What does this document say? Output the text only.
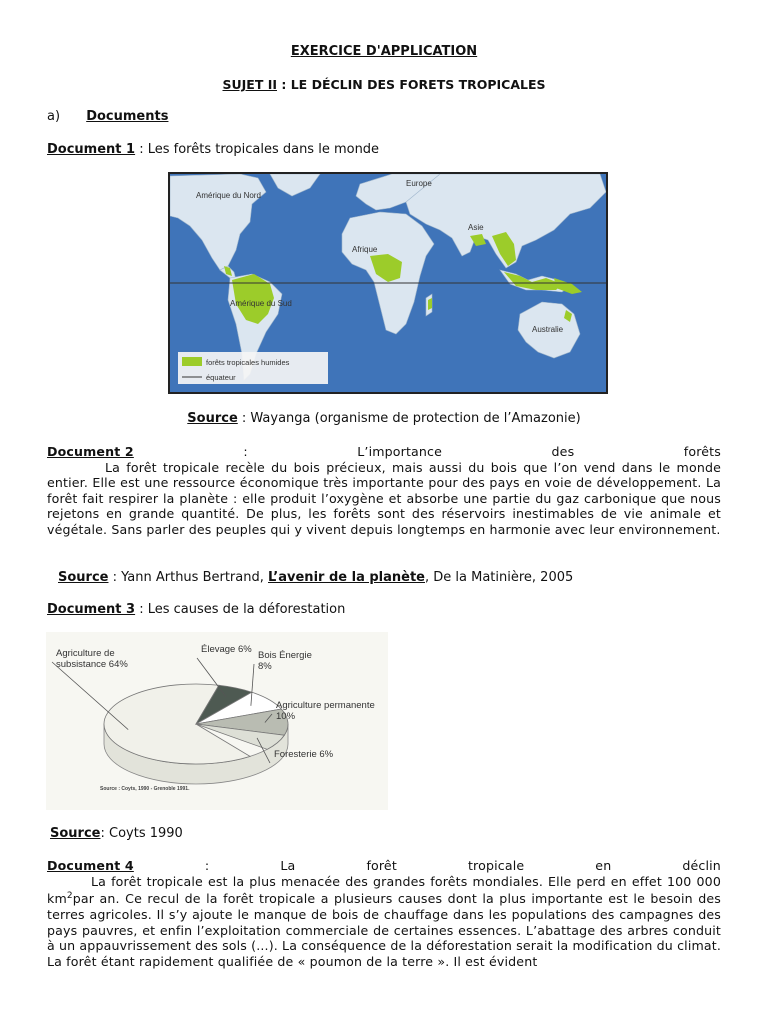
EXERCICE D'APPLICATION
SUJET II : LE DÉCLIN DES FORETS TROPICALES
a) Documents
Document 1 : Les forêts tropicales dans le monde
Amérique du Nord
Europe
Asie
Afrique
Amérique du Sud
Australie
forêts tropicales humides
équateur
Source : Wayanga (organisme de protection de l’Amazonie)
Document 2	:	L’importance	des	forêts

La forêt tropicale recèle du bois précieux, mais aussi du bois que l’on vend dans le monde entier. Elle est une ressource économique très importante pour des pays en voie de développement. La forêt fait respirer la planète : elle produit l’oxygène et absorbe une partie du gaz carbonique que nous rejetons en grande quantité. De plus, les forêts sont des réservoirs inestimables de vie animale et végétale. Sans parler des peuples qui y vivent depuis longtemps en harmonie avec leur environnement.

Source : Yann Arthus Bertrand, L’avenir de la planète, De la Matinière, 2005
Document 3 : Les causes de la déforestation
Agriculture de subsistance 64%
Élevage 6%
Bois Énergie 8%
Agriculture permanente 10%
Foresterie 6%
Source : Coyts, 1990 - Grenoble 1991.
Source: Coyts 1990
Document 4	:	La	forêt	tropicale	en	déclin

La forêt tropicale est la plus menacée des grandes forêts mondiales. Elle perd en effet 100 000 $km^2par$ an. Ce recul de la forêt tropicale a plusieurs causes dont la plus importante est le besoin des terres agricoles. Il s’y ajoute le manque de bois de chauffage dans les populations des campagnes des pays pauvres, et enfin l’exploitation commerciale de certaines essences. L’abattage des arbres conduit à un appauvrissement des sols (...). La conséquence de la déforestation serait la modification du climat. La forêt étant rapidement qualifiée de « poumon de la terre ». Il est évident
